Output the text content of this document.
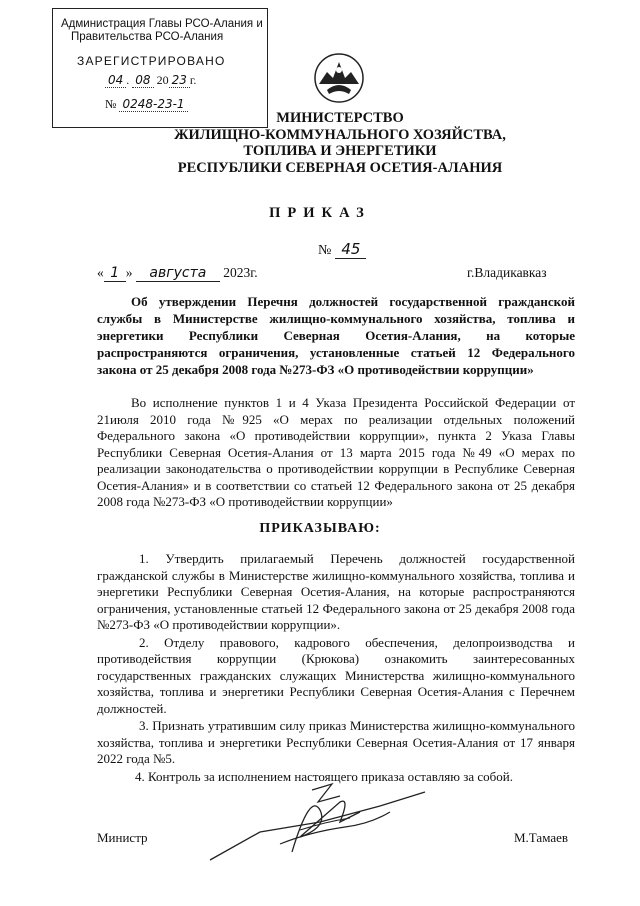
Администрация Главы РСО-Алания и
Правительства РСО-Алания
ЗАРЕГИСТРИРОВАНО
04 . 08 20 23 г.
№ 0248-23-1
МИНИСТЕРСТВО
ЖИЛИЩНО-КОММУНАЛЬНОГО ХОЗЯЙСТВА,
ТОПЛИВА И ЭНЕРГЕТИКИ
РЕСПУБЛИКИ СЕВЕРНАЯ ОСЕТИЯ-АЛАНИЯ
ПРИКАЗ
№ 45
« 1 » августа 2023г.	г.Владикавказ
Об утверждении Перечня должностей государственной гражданской службы в Министерстве жилищно-коммунального хозяйства, топлива и энергетики Республики Северная Осетия-Алания, на которые распространяются ограничения, установленные статьей 12 Федерального закона от 25 декабря 2008 года №273-ФЗ «О противодействии коррупции»
Во исполнение пунктов 1 и 4 Указа Президента Российской Федерации от 21июля 2010 года №925 «О мерах по реализации отдельных положений Федерального закона «О противодействии коррупции», пункта 2 Указа Главы Республики Северная Осетия-Алания от 13 марта 2015 года №49 «О мерах по реализации законодательства о противодействии коррупции в Республике Северная Осетия-Алания» и в соответствии со статьей 12 Федерального закона от 25 декабря 2008 года №273-ФЗ «О противодействии коррупции»
ПРИКАЗЫВАЮ:

1. Утвердить прилагаемый Перечень должностей государственной гражданской службы в Министерстве жилищно-коммунального хозяйства, топлива и энергетики Республики Северная Осетия-Алания, на которые распространяются ограничения, установленные статьей 12 Федерального закона от 25 декабря 2008 года №273-ФЗ «О противодействии коррупции».

2. Отделу правового, кадрового обеспечения, делопроизводства и противодействия коррупции (Крюкова) ознакомить заинтересованных государственных гражданских служащих Министерства жилищно-коммунального хозяйства, топлива и энергетики Республики Северная Осетия-Алания с Перечнем должностей.

3. Признать утратившим силу приказ Министерства жилищно-коммунального хозяйства, топлива и энергетики Республики Северная Осетия-Алания от 17 января 2022 года №5.

4. Контроль за исполнением настоящего приказа оставляю за собой.

Министр	М.Тамаев
